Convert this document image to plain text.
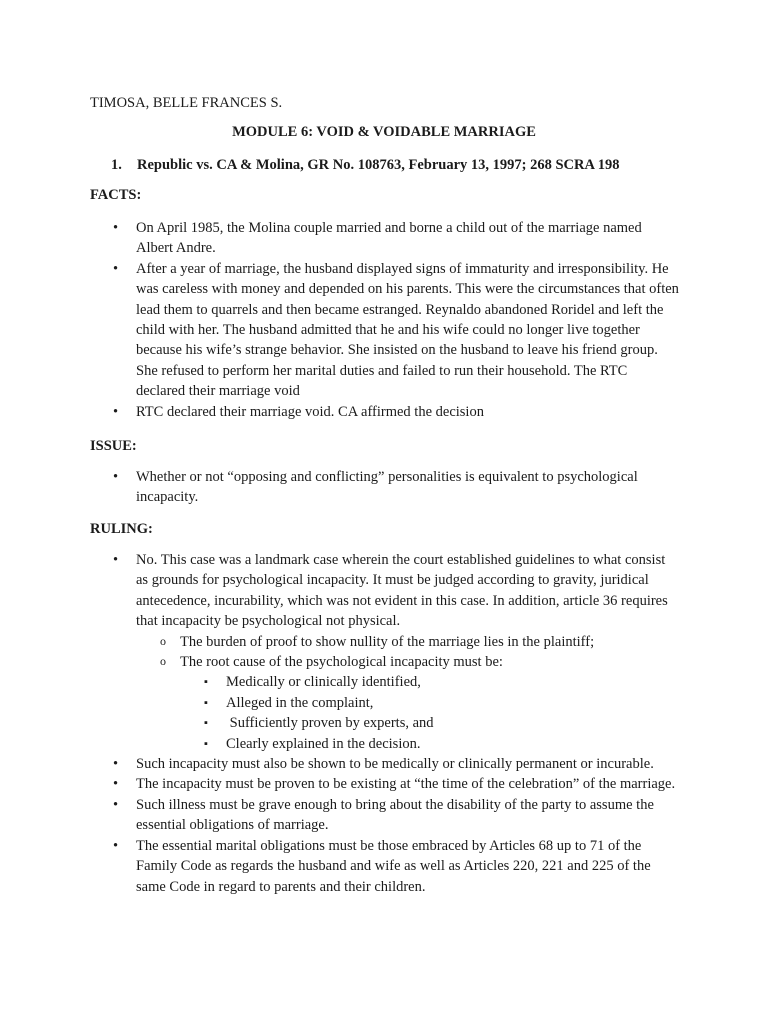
TIMOSA, BELLE FRANCES S.
MODULE 6: VOID & VOIDABLE MARRIAGE
1.	Republic vs. CA & Molina, GR No. 108763, February 13, 1997; 268 SCRA 198
FACTS:
• On April 1985, the Molina couple married and borne a child out of the marriage named Albert Andre.
• After a year of marriage, the husband displayed signs of immaturity and irresponsibility. He was careless with money and depended on his parents. This were the circumstances that often lead them to quarrels and then became estranged. Reynaldo abandoned Roridel and left the child with her. The husband admitted that he and his wife could no longer live together because his wife’s strange behavior. She insisted on the husband to leave his friend group. She refused to perform her marital duties and failed to run their household. The RTC declared their marriage void
• RTC declared their marriage void. CA affirmed the decision
ISSUE:
• Whether or not “opposing and conflicting” personalities is equivalent to psychological incapacity.
RULING:
• No. This case was a landmark case wherein the court established guidelines to what consist as grounds for psychological incapacity. It must be judged according to gravity, juridical antecedence, incurability, which was not evident in this case. In addition, article 36 requires that incapacity be psychological not physical.
o The burden of proof to show nullity of the marriage lies in the plaintiff;
o The root cause of the psychological incapacity must be:
▪ Medically or clinically identified,
▪ Alleged in the complaint,
▪  Sufficiently proven by experts, and
▪ Clearly explained in the decision.
• Such incapacity must also be shown to be medically or clinically permanent or incurable.
• The incapacity must be proven to be existing at “the time of the celebration” of the marriage.
• Such illness must be grave enough to bring about the disability of the party to assume the essential obligations of marriage.
• The essential marital obligations must be those embraced by Articles 68 up to 71 of the Family Code as regards the husband and wife as well as Articles 220, 221 and 225 of the same Code in regard to parents and their children.
